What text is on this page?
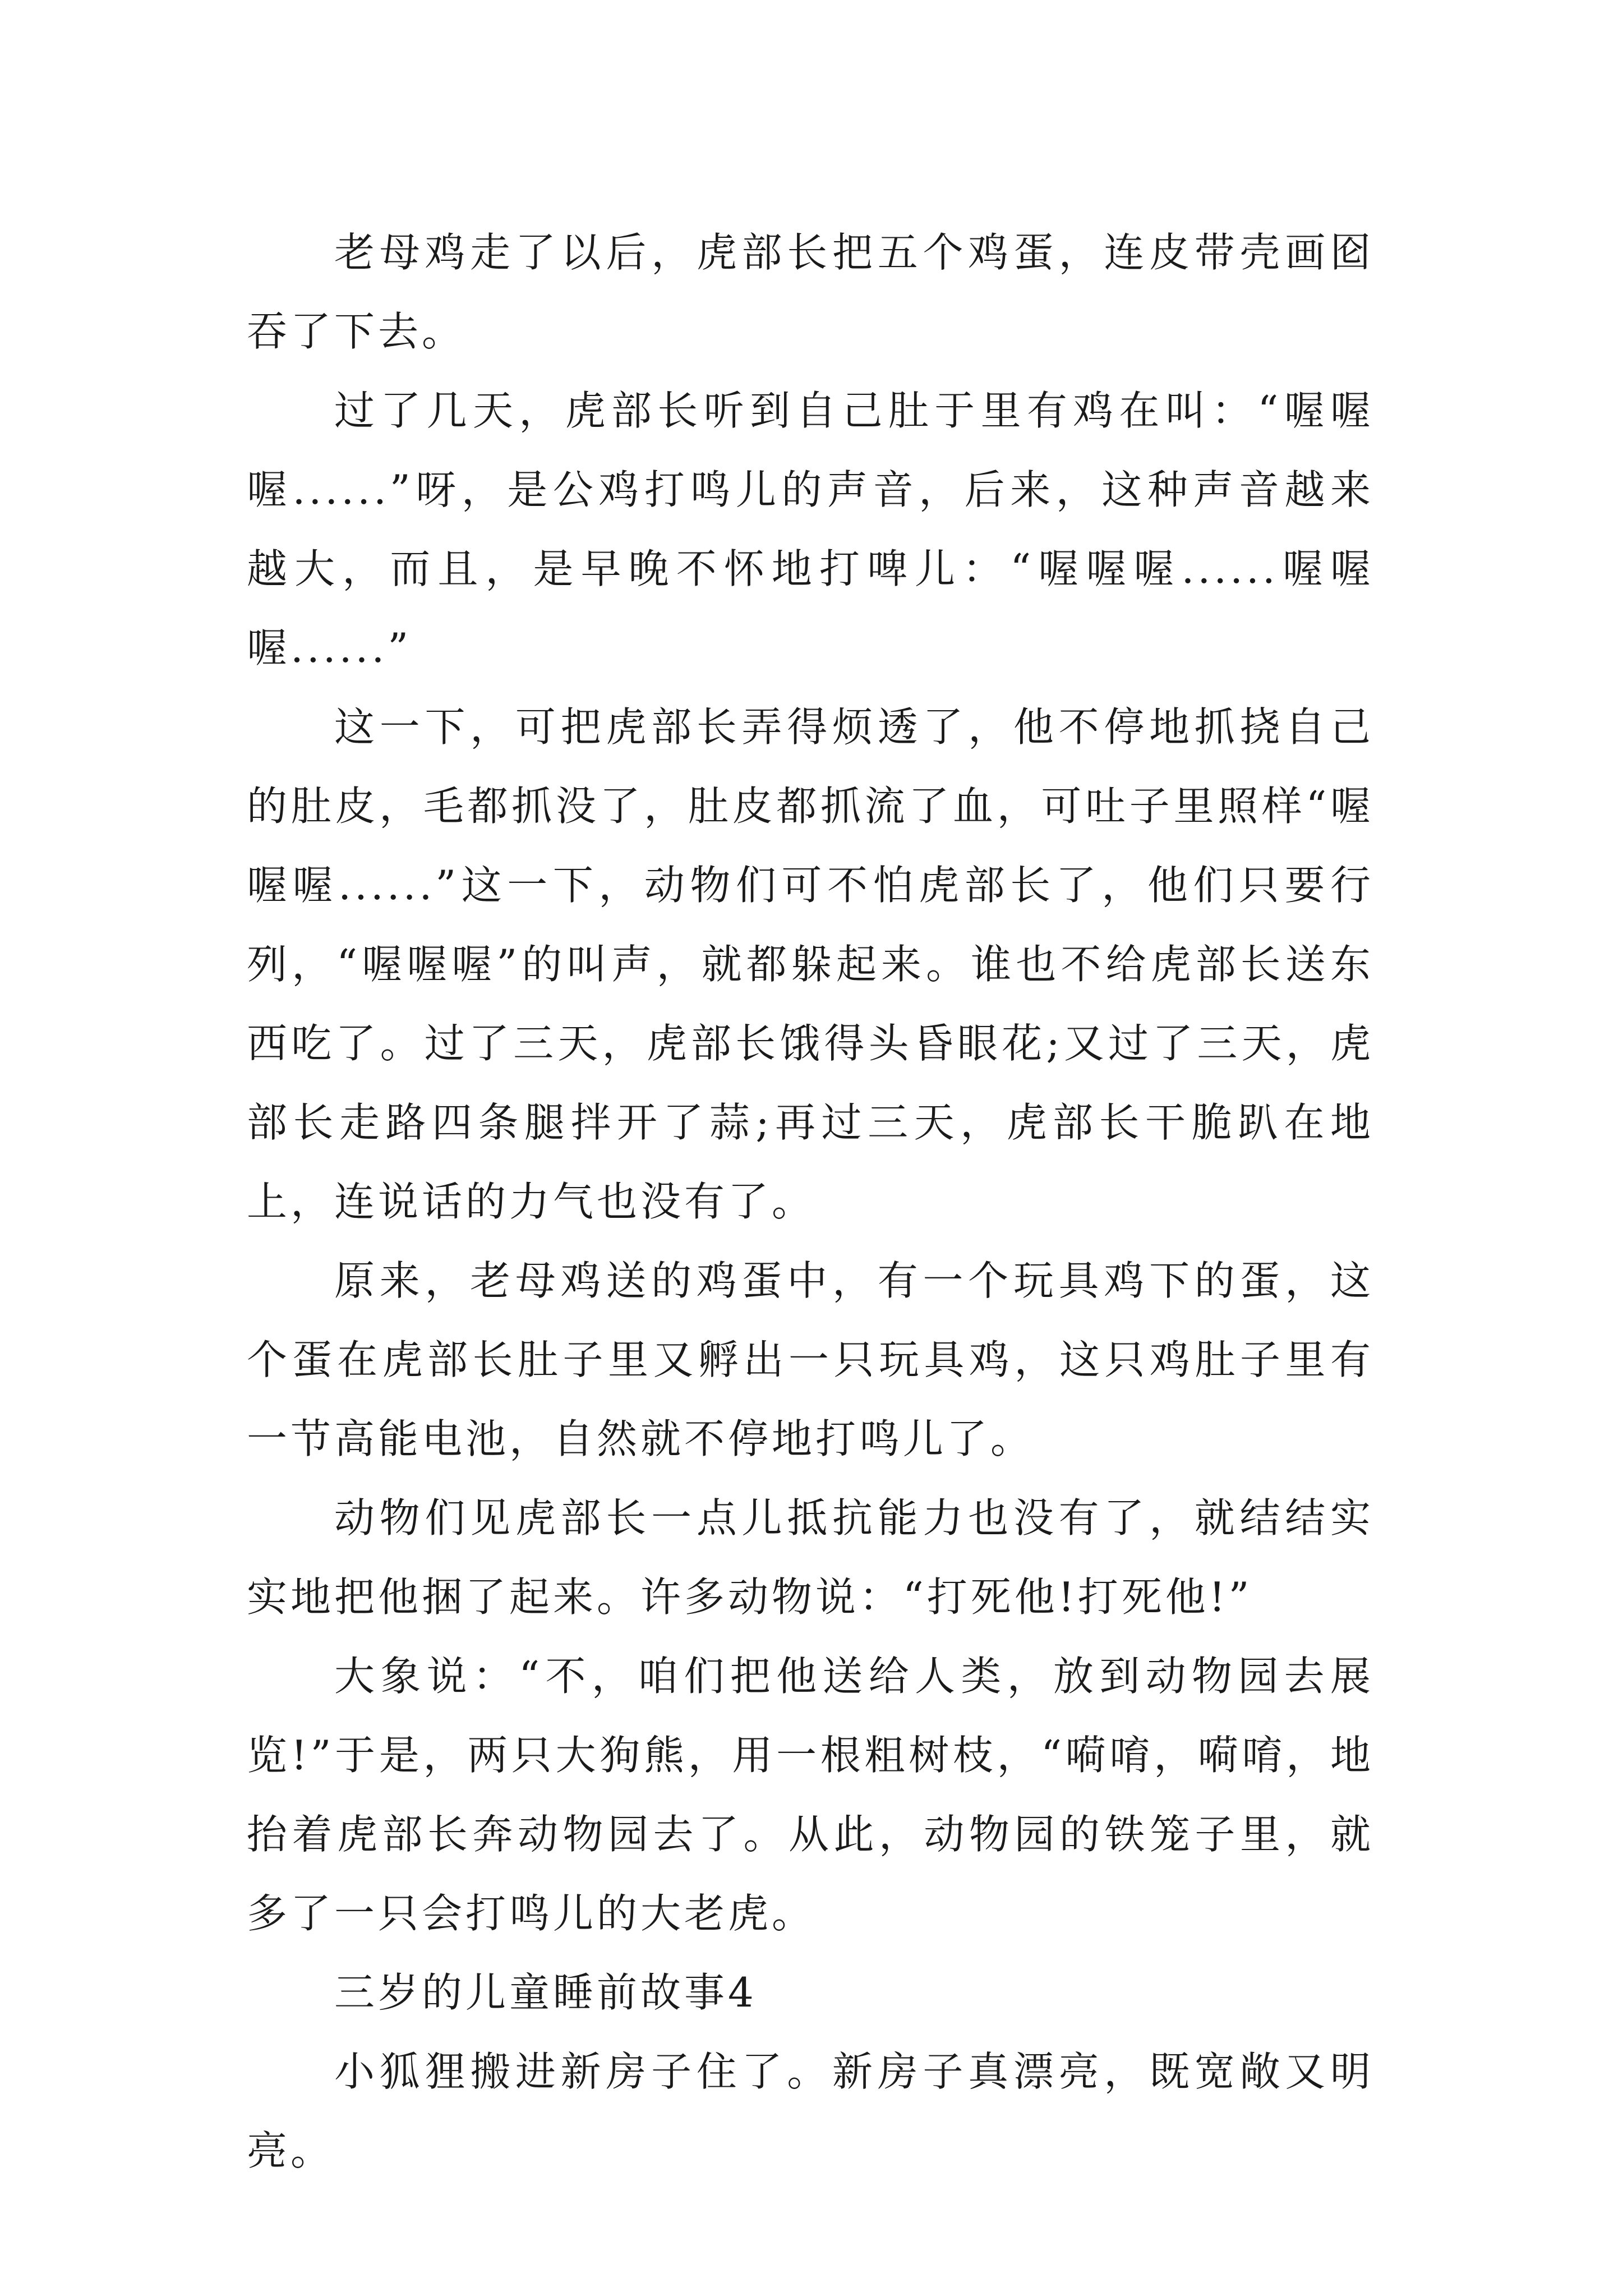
老母鸡走了以后，虎部长把五个鸡蛋，连皮带壳画囵吞了下去。

过了几天，虎部长听到自己肚于里有鸡在叫：“喔喔喔......”呀，是公鸡打鸣儿的声音，后来，这种声音越来越大，而且，是早晚不怀地打啤儿：“喔喔喔......喔喔喔......”

这一下，可把虎部长弄得烦透了，他不停地抓挠自己的肚皮，毛都抓没了，肚皮都抓流了血，可吐子里照样“喔喔喔......”这一下，动物们可不怕虎部长了，他们只要行列，“喔喔喔”的叫声，就都躲起来。谁也不给虎部长送东西吃了。过了三天，虎部长饿得头昏眼花;又过了三天，虎部长走路四条腿拌开了蒜;再过三天，虎部长干脆趴在地上，连说话的力气也没有了。

原来，老母鸡送的鸡蛋中，有一个玩具鸡下的蛋，这个蛋在虎部长肚子里又孵出一只玩具鸡，这只鸡肚子里有一节高能电池，自然就不停地打鸣儿了。

动物们见虎部长一点儿抵抗能力也没有了，就结结实实地把他捆了起来。许多动物说：“打死他!打死他!”

大象说：“不，咱们把他送给人类，放到动物园去展览!”于是，两只大狗熊，用一根粗树枝，“嗬唷，嗬唷，地抬着虎部长奔动物园去了。从此，动物园的铁笼子里，就多了一只会打鸣儿的大老虎。

三岁的儿童睡前故事4

小狐狸搬进新房子住了。新房子真漂亮，既宽敞又明亮。
